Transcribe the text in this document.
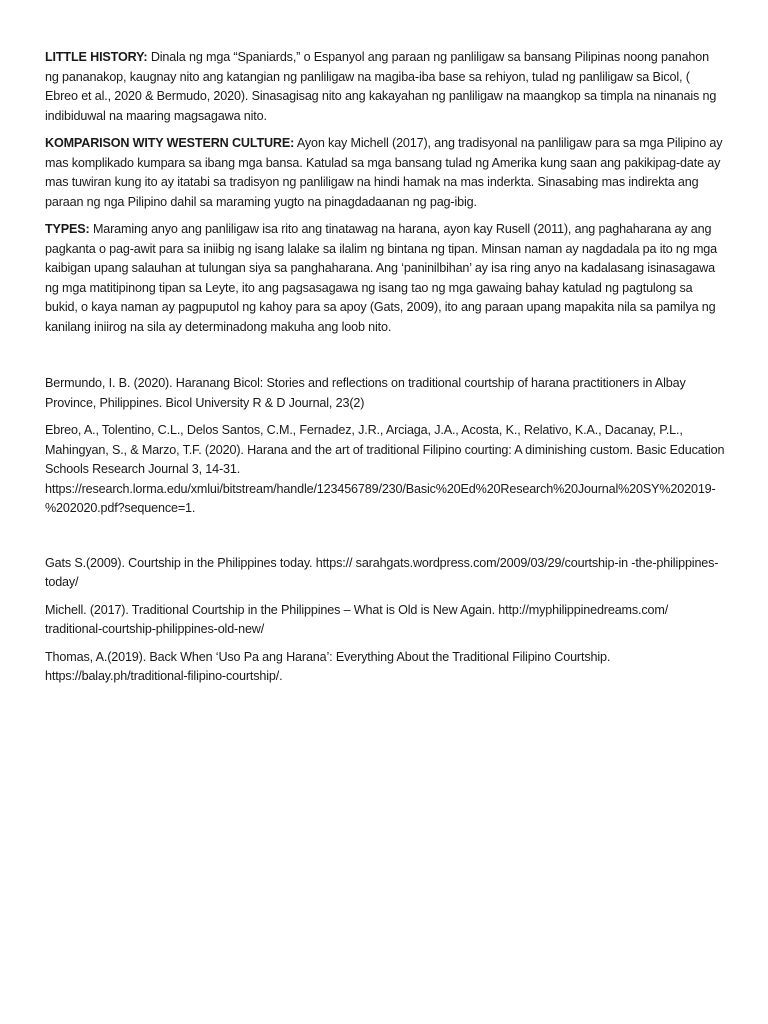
LITTLE HISTORY: Dinala ng mga “Spaniards,” o Espanyol ang paraan ng panliligaw sa bansang Pilipinas noong panahon ng pananakop, kaugnay nito ang katangian ng panliligaw na magiba-iba base sa rehiyon, tulad ng panliligaw sa Bicol, ( Ebreo et al., 2020 & Bermudo, 2020). Sinasagisag nito ang kakayahan ng panliligaw na maangkop sa timpla na ninanais ng indibiduwal na maaring magsagawa nito.

KOMPARISON WITY WESTERN CULTURE: Ayon kay Michell (2017), ang tradisyonal na panliligaw para sa mga Pilipino ay mas komplikado kumpara sa ibang mga bansa. Katulad sa mga bansang tulad ng Amerika kung saan ang pakikipag-date ay mas tuwiran kung ito ay itatabi sa tradisyon ng panliligaw na hindi hamak na mas inderkta. Sinasabing mas indirekta ang paraan ng nga Pilipino dahil sa maraming yugto na pinagdadaanan ng pag-ibig.

TYPES: Maraming anyo ang panliligaw isa rito ang tinatawag na harana, ayon kay Rusell (2011), ang paghaharana ay ang pagkanta o pag-awit para sa iniibig ng isang lalake sa ilalim ng bintana ng tipan. Minsan naman ay nagdadala pa ito ng mga kaibigan upang salauhan at tulungan siya sa panghaharana. Ang ‘paninilbihan’ ay isa ring anyo na kadalasang isinasagawa ng mga matitipinong tipan sa Leyte, ito ang pagsasagawa ng isang tao ng mga gawaing bahay katulad ng pagtulong sa bukid, o kaya naman ay pagpuputol ng kahoy para sa apoy (Gats, 2009), ito ang paraan upang mapakita nila sa pamilya ng kanilang iniirog na sila ay determinadong makuha ang loob nito.

Bermundo, I. B. (2020). Haranang Bicol: Stories and reflections on traditional courtship of harana practitioners in Albay Province, Philippines. Bicol University R & D Journal, 23(2)

Ebreo, A., Tolentino, C.L., Delos Santos, C.M., Fernadez, J.R., Arciaga, J.A., Acosta, K., Relativo, K.A., Dacanay, P.L., Mahingyan, S., & Marzo, T.F. (2020). Harana and the art of traditional Filipino courting: A diminishing custom. Basic Education Schools Research Journal 3, 14-31. https://research.lorma.edu/xmlui/bitstream/handle/123456789/230/Basic%20Ed%20Research%20Journal%20SY%202019-%202020.pdf?sequence=1.

Gats S.(2009). Courtship in the Philippines today. https:// sarahgats.wordpress.com/2009/03/29/courtship-in -the-philippines-today/

Michell. (2017). Traditional Courtship in the Philippines – What is Old is New Again. http://myphilippinedreams.com/ traditional-courtship-philippines-old-new/

Thomas, A.(2019). Back When ‘Uso Pa ang Harana’: Everything About the Traditional Filipino Courtship. https://balay.ph/traditional-filipino-courtship/.
